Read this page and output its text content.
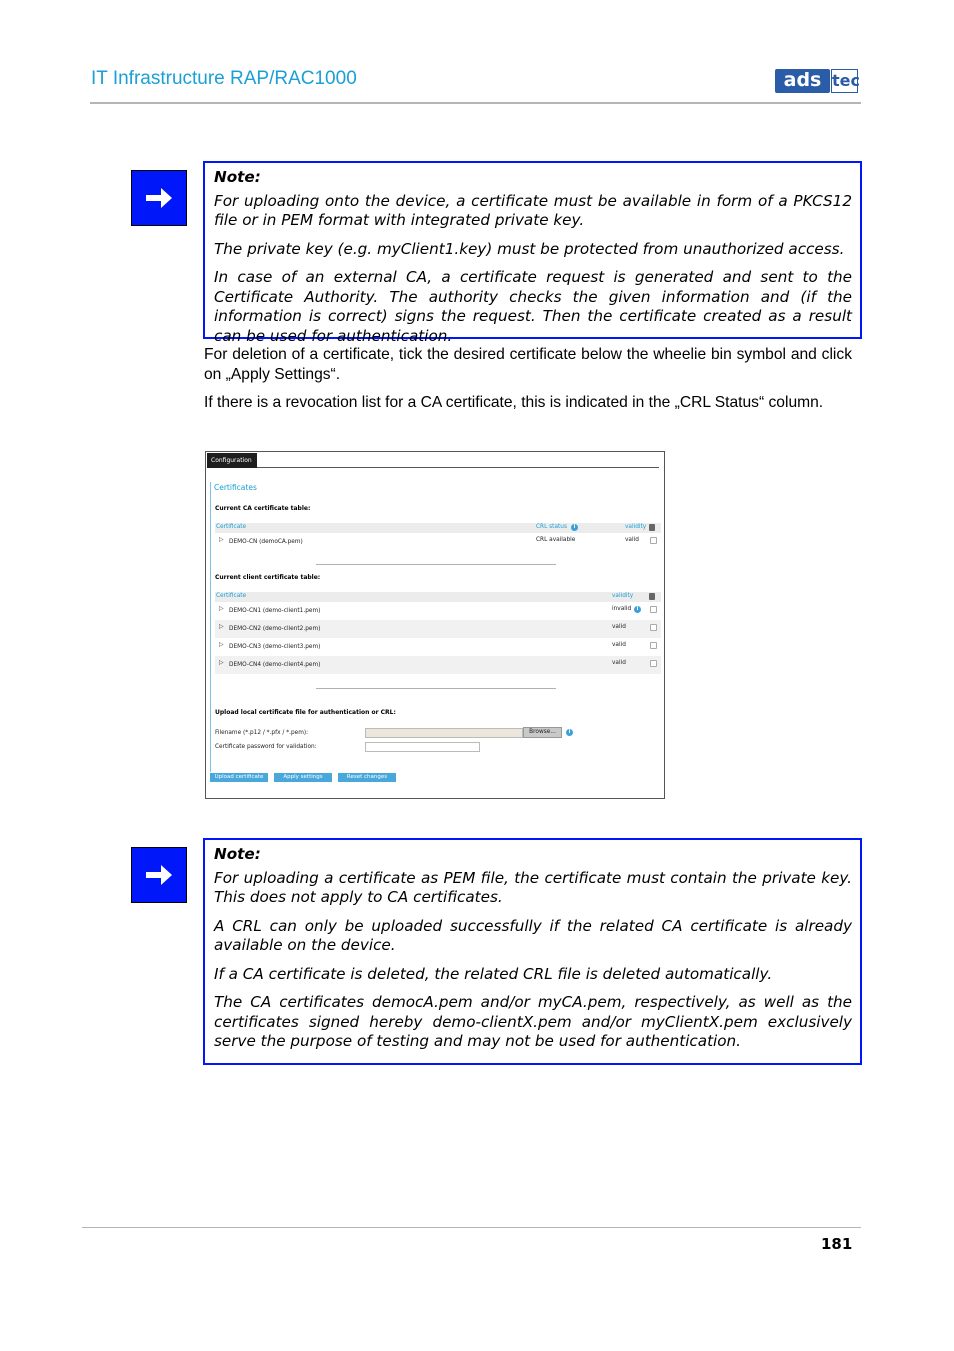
IT Infrastructure RAP/RAC1000	ads tec

Note:

For uploading onto the device, a certificate must be available in form of a PKCS12 file or in PEM format with integrated private key.

The private key (e.g. myClient1.key) must be protected from unauthorized access.

In case of an external CA, a certificate request is generated and sent to the Certificate Authority. The authority checks the given information and (if the information is correct) signs the request. Then the certificate created as a result can be used for authentication.

For deletion of a certificate, tick the desired certificate below the wheelie bin symbol and click on „Apply Settings“.
If there is a revocation list for a CA certificate, this is indicated in the „CRL Status“ column.
Configuration
Certificates
Current CA certificate table:
Certificate	CRL status	i	validity
▷ DEMO-CN (demoCA.pem)	CRL available	valid
Current client certificate table:
Certificate	validity
▷ DEMO-CN1 (demo-client1.pem)	invalid	i
▷ DEMO-CN2 (demo-client2.pem)	valid
▷ DEMO-CN3 (demo-client3.pem)	valid
▷ DEMO-CN4 (demo-client4.pem)	valid
Upload local certificate file for authentication or CRL:
Filename (*.p12 / *.pfx / *.pem):	Browse...	i
Certificate password for validation:
Upload certificate	Apply settings	Reset changes

Note:

For uploading a certificate as PEM file, the certificate must contain the private key. This does not apply to CA certificates.

A CRL can only be uploaded successfully if the related CA certificate is already available on the device.

If a CA certificate is deleted, the related CRL file is deleted automatically.

The CA certificates democA.pem and/or myCA.pem, respectively, as well as the certificates signed hereby demo-clientX.pem and/or myClientX.pem exclusively serve the purpose of testing and may not be used for authentication.

181
